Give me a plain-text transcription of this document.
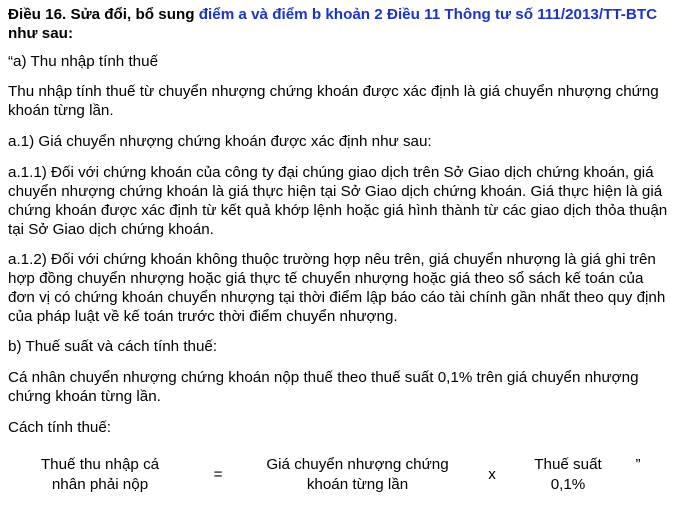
Điều 16. Sửa đổi, bổ sung điểm a và điểm b khoản 2 Điều 11 Thông tư số 111/2013/TT-BTC như sau:

“a) Thu nhập tính thuế

Thu nhập tính thuế từ chuyển nhượng chứng khoán được xác định là giá chuyển nhượng chứng khoán từng lần.

a.1) Giá chuyển nhượng chứng khoán được xác định như sau:

a.1.1) Đối với chứng khoán của công ty đại chúng giao dịch trên Sở Giao dịch chứng khoán, giá chuyển nhượng chứng khoán là giá thực hiện tại Sở Giao dịch chứng khoán. Giá thực hiện là giá chứng khoán được xác định từ kết quả khớp lệnh hoặc giá hình thành từ các giao dịch thỏa thuận tại Sở Giao dịch chứng khoán.

a.1.2) Đối với chứng khoán không thuộc trường hợp nêu trên, giá chuyển nhượng là giá ghi trên hợp đồng chuyển nhượng hoặc giá thực tế chuyển nhượng hoặc giá theo sổ sách kế toán của đơn vị có chứng khoán chuyển nhượng tại thời điểm lập báo cáo tài chính gần nhất theo quy định của pháp luật về kế toán trước thời điểm chuyển nhượng.

b) Thuế suất và cách tính thuế:

Cá nhân chuyển nhượng chứng khoán nộp thuế theo thuế suất 0,1% trên giá chuyển nhượng chứng khoán từng lần.

Cách tính thuế:

Thuế thu nhập cá
nhân phải nộp
=
Giá chuyển nhượng chứng
khoán từng lần
x
Thuế suất
0,1%
”
